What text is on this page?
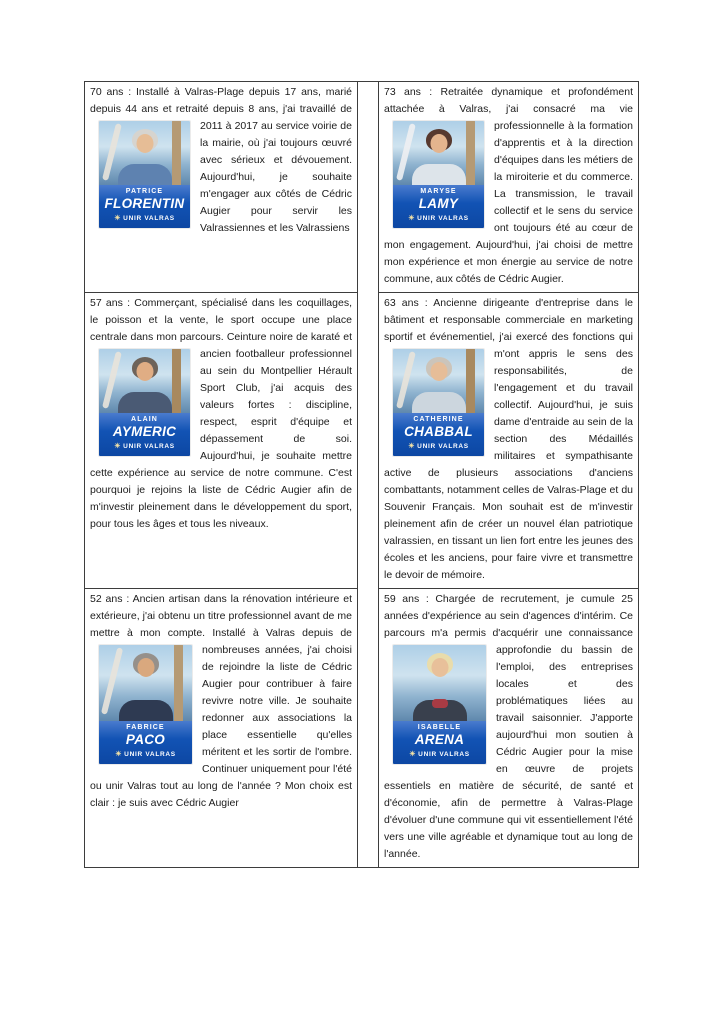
70 ans : Installé à Valras-Plage depuis 17 ans, marié depuis 44 ans et retraité depuis 8 ans, j'ai travaillé de
PATRICE
FLORENTIN
☀ UNIR VALRAS
2011 à 2017 au service voirie de la mairie, où j'ai toujours œuvré avec sérieux et dévouement. Aujourd'hui, je souhaite m'engager aux côtés de Cédric Augier pour servir les Valrassiennes et les Valrassiens

73 ans : Retraitée dynamique et profondément attachée à Valras, j'ai consacré ma vie
MARYSE
LAMY
☀ UNIR VALRAS
professionnelle à la formation d'apprentis et à la direction d'équipes dans les métiers de la miroiterie et du commerce. La transmission, le travail collectif et le sens du service ont toujours été au cœur de mon engagement. Aujourd'hui, j'ai choisi de mettre mon expérience et mon énergie au service de notre commune, aux côtés de Cédric Augier.

57 ans : Commerçant, spécialisé dans les coquillages, le poisson et la vente, le sport occupe une place centrale dans mon parcours. Ceinture noire de karaté et ancien
ALAIN
AYMERIC
☀ UNIR VALRAS
footballeur professionnel au sein du Montpellier Hérault Sport Club, j'ai acquis des valeurs fortes : discipline, respect, esprit d'équipe et dépassement de soi. Aujourd'hui, je souhaite mettre cette expérience au service de notre commune. C'est pourquoi je rejoins la liste de Cédric Augier afin de m'investir pleinement dans le développement du sport, pour tous les âges et tous les niveaux.

63 ans : Ancienne dirigeante d'entreprise dans le bâtiment et responsable commerciale en marketing sportif et événementiel, j'ai exercé des fonctions qui
CATHERINE
CHABBAL
☀ UNIR VALRAS
m'ont appris le sens des responsabilités, de l'engagement et du travail collectif. Aujourd'hui, je suis dame d'entraide au sein de la section des Médaillés militaires et sympathisante active de plusieurs associations d'anciens combattants, notamment celles de Valras-Plage et du Souvenir Français. Mon souhait est de m'investir pleinement afin de créer un nouvel élan patriotique valrassien, en tissant un lien fort entre les jeunes des écoles et les anciens, pour faire vivre et transmettre le devoir de mémoire.

52 ans : Ancien artisan dans la rénovation intérieure et extérieure, j'ai obtenu un titre professionnel avant de me mettre à mon compte. Installé à Valras depuis de
FABRICE
PACO
☀ UNIR VALRAS
nombreuses années, j'ai choisi de rejoindre la liste de Cédric Augier pour contribuer à faire revivre notre ville. Je souhaite redonner aux associations la place essentielle qu'elles méritent et les sortir de l'ombre. Continuer uniquement pour l'été ou unir Valras tout au long de l'année ? Mon choix est clair : je suis avec Cédric Augier

59 ans : Chargée de recrutement, je cumule 25 années d'expérience au sein d'agences d'intérim. Ce parcours m'a permis d'acquérir une connaissance
ISABELLE
ARENA
☀ UNIR VALRAS
approfondie du bassin de l'emploi, des entreprises locales et des problématiques liées au travail saisonnier. J'apporte aujourd'hui mon soutien à Cédric Augier pour la mise en œuvre de projets essentiels en matière de sécurité, de santé et d'économie, afin de permettre à Valras-Plage d'évoluer d'une commune qui vit essentiellement l'été vers une ville agréable et dynamique tout au long de l'année.
